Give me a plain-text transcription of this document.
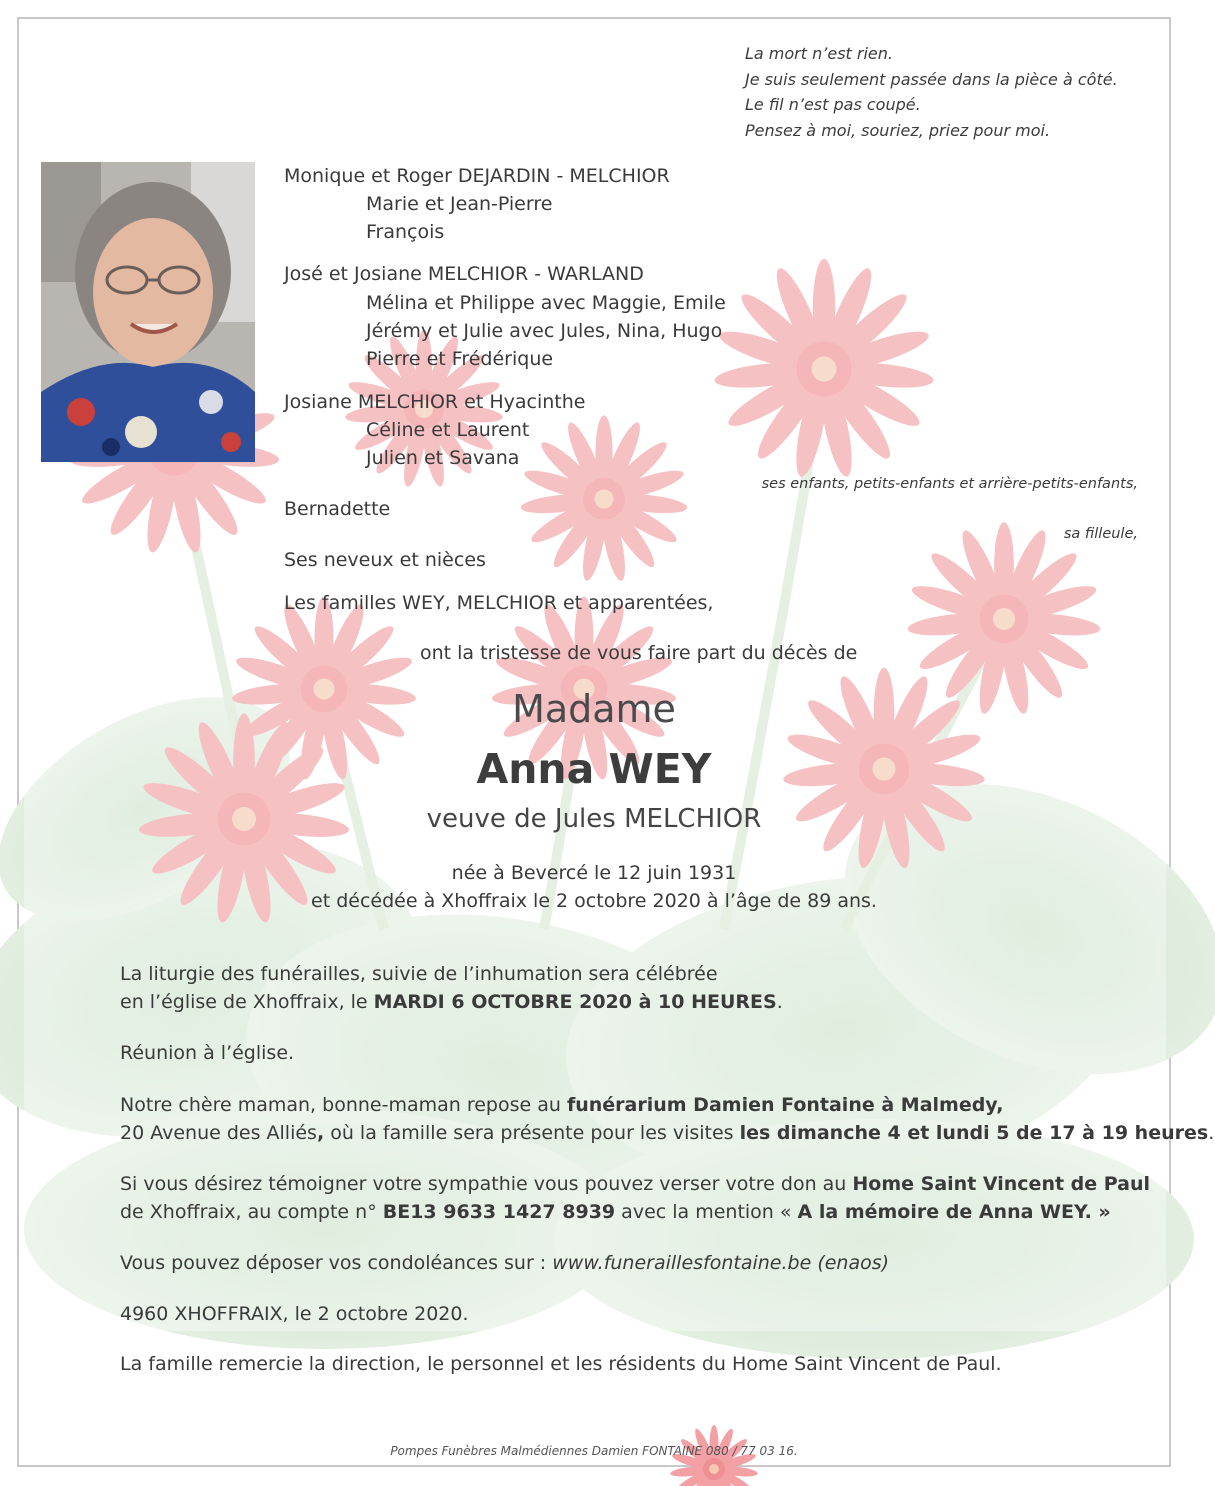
La mort n’est rien.
Je suis seulement passée dans la pièce à côté.
Le fil n’est pas coupé.
Pensez à moi, souriez, priez pour moi.
Monique et Roger DEJARDIN - MELCHIOR
Marie et Jean-Pierre
François
José et Josiane MELCHIOR - WARLAND
Mélina et Philippe avec Maggie, Emile
Jérémy et Julie avec Jules, Nina, Hugo
Pierre et Frédérique
Josiane MELCHIOR et Hyacinthe
Céline et Laurent
Julien et Savana
ses enfants, petits-enfants et arrière-petits-enfants,
Bernadette
sa filleule,
Ses neveux et nièces
Les familles WEY, MELCHIOR et apparentées,
ont la tristesse de vous faire part du décès de
Madame
Anna WEY
veuve de Jules MELCHIOR
née à Bevercé le 12 juin 1931
et décédée à Xhoffraix le 2 octobre 2020 à l’âge de 89 ans.
La liturgie des funérailles, suivie de l’inhumation sera célébrée
en l’église de Xhoffraix, le MARDI 6 OCTOBRE 2020 à 10 HEURES.
Réunion à l’église.
Notre chère maman, bonne-maman repose au funérarium Damien Fontaine à Malmedy,
20 Avenue des Alliés, où la famille sera présente pour les visites les dimanche 4 et lundi 5 de 17 à 19 heures.
Si vous désirez témoigner votre sympathie vous pouvez verser votre don au Home Saint Vincent de Paul
de Xhoffraix, au compte n° BE13 9633 1427 8939 avec la mention « A la mémoire de Anna WEY. »
Vous pouvez déposer vos condoléances sur : www.funeraillesfontaine.be (enaos)
4960 XHOFFRAIX, le 2 octobre 2020.
La famille remercie la direction, le personnel et les résidents du Home Saint Vincent de Paul.
Pompes Funèbres Malmédiennes Damien FONTAINE 080 / 77 03 16.
